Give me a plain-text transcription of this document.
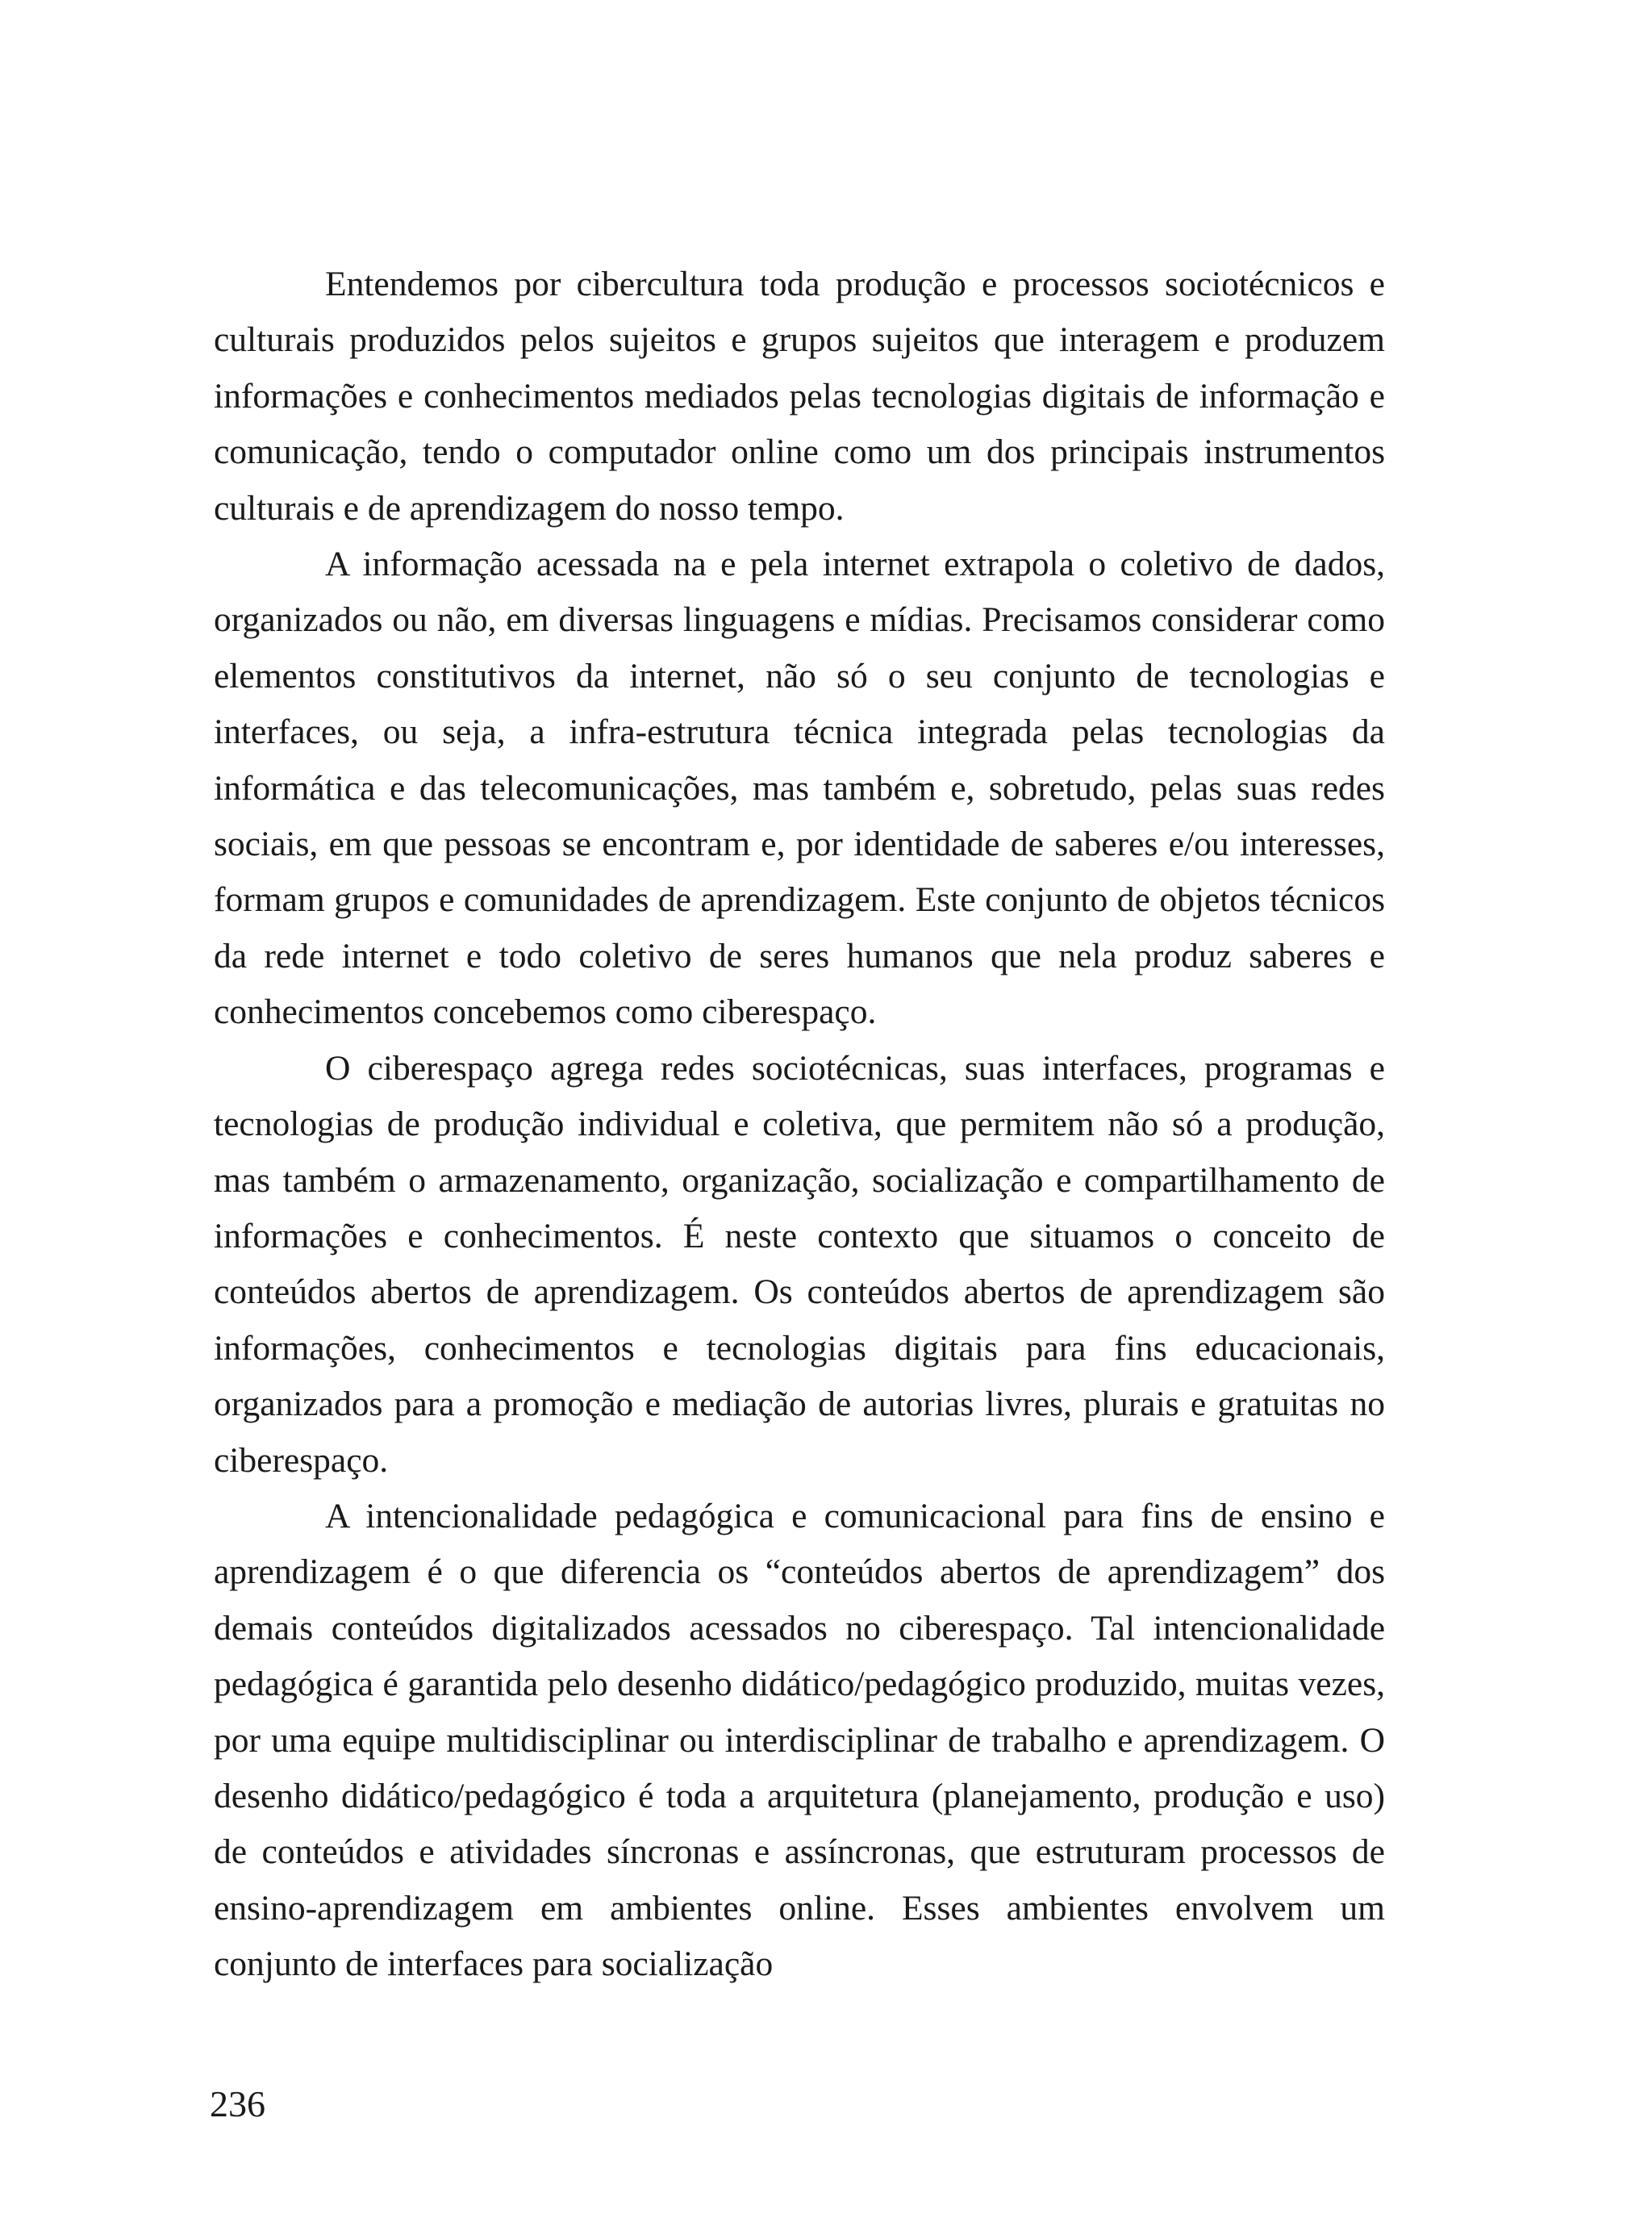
Entendemos por cibercultura toda produção e processos sociotécnicos e culturais produzidos pelos sujeitos e grupos sujeitos que interagem e produzem informações e conhecimentos mediados pelas tecnologias digitais de informação e comunicação, tendo o computador online como um dos principais instrumentos culturais e de aprendizagem do nosso tempo.

A informação acessada na e pela internet extrapola o coletivo de dados, organizados ou não, em diversas linguagens e mídias. Precisamos considerar como elementos constitutivos da internet, não só o seu conjunto de tecnologias e interfaces, ou seja, a infra-estrutura técnica integrada pelas tecnologias da informática e das telecomunicações, mas também e, sobretudo, pelas suas redes sociais, em que pessoas se encontram e, por identidade de saberes e/ou interesses, formam grupos e comunidades de aprendizagem. Este conjunto de objetos técnicos da rede internet e todo coletivo de seres humanos que nela produz saberes e conhecimentos concebemos como ciberespaço.

O ciberespaço agrega redes sociotécnicas, suas interfaces, programas e tecnologias de produção individual e coletiva, que permitem não só a produção, mas também o armazenamento, organização, socialização e compartilhamento de informações e conhecimentos. É neste contexto que situamos o conceito de conteúdos abertos de aprendizagem. Os conteúdos abertos de aprendizagem são informações, conhecimentos e tecnologias digitais para fins educacionais, organizados para a promoção e mediação de autorias livres, plurais e gratuitas no ciberespaço.

A intencionalidade pedagógica e comunicacional para fins de ensino e aprendizagem é o que diferencia os “conteúdos abertos de aprendizagem” dos demais conteúdos digitalizados acessados no ciberespaço. Tal intencionalidade pedagógica é garantida pelo desenho didático/pedagógico produzido, muitas vezes, por uma equipe multidisciplinar ou interdisciplinar de trabalho e aprendizagem. O desenho didático/pedagógico é toda a arquitetura (planejamento, produção e uso) de conteúdos e atividades síncronas e assíncronas, que estruturam processos de ensino-aprendizagem em ambientes online. Esses ambientes envolvem um conjunto de interfaces para socialização

236
